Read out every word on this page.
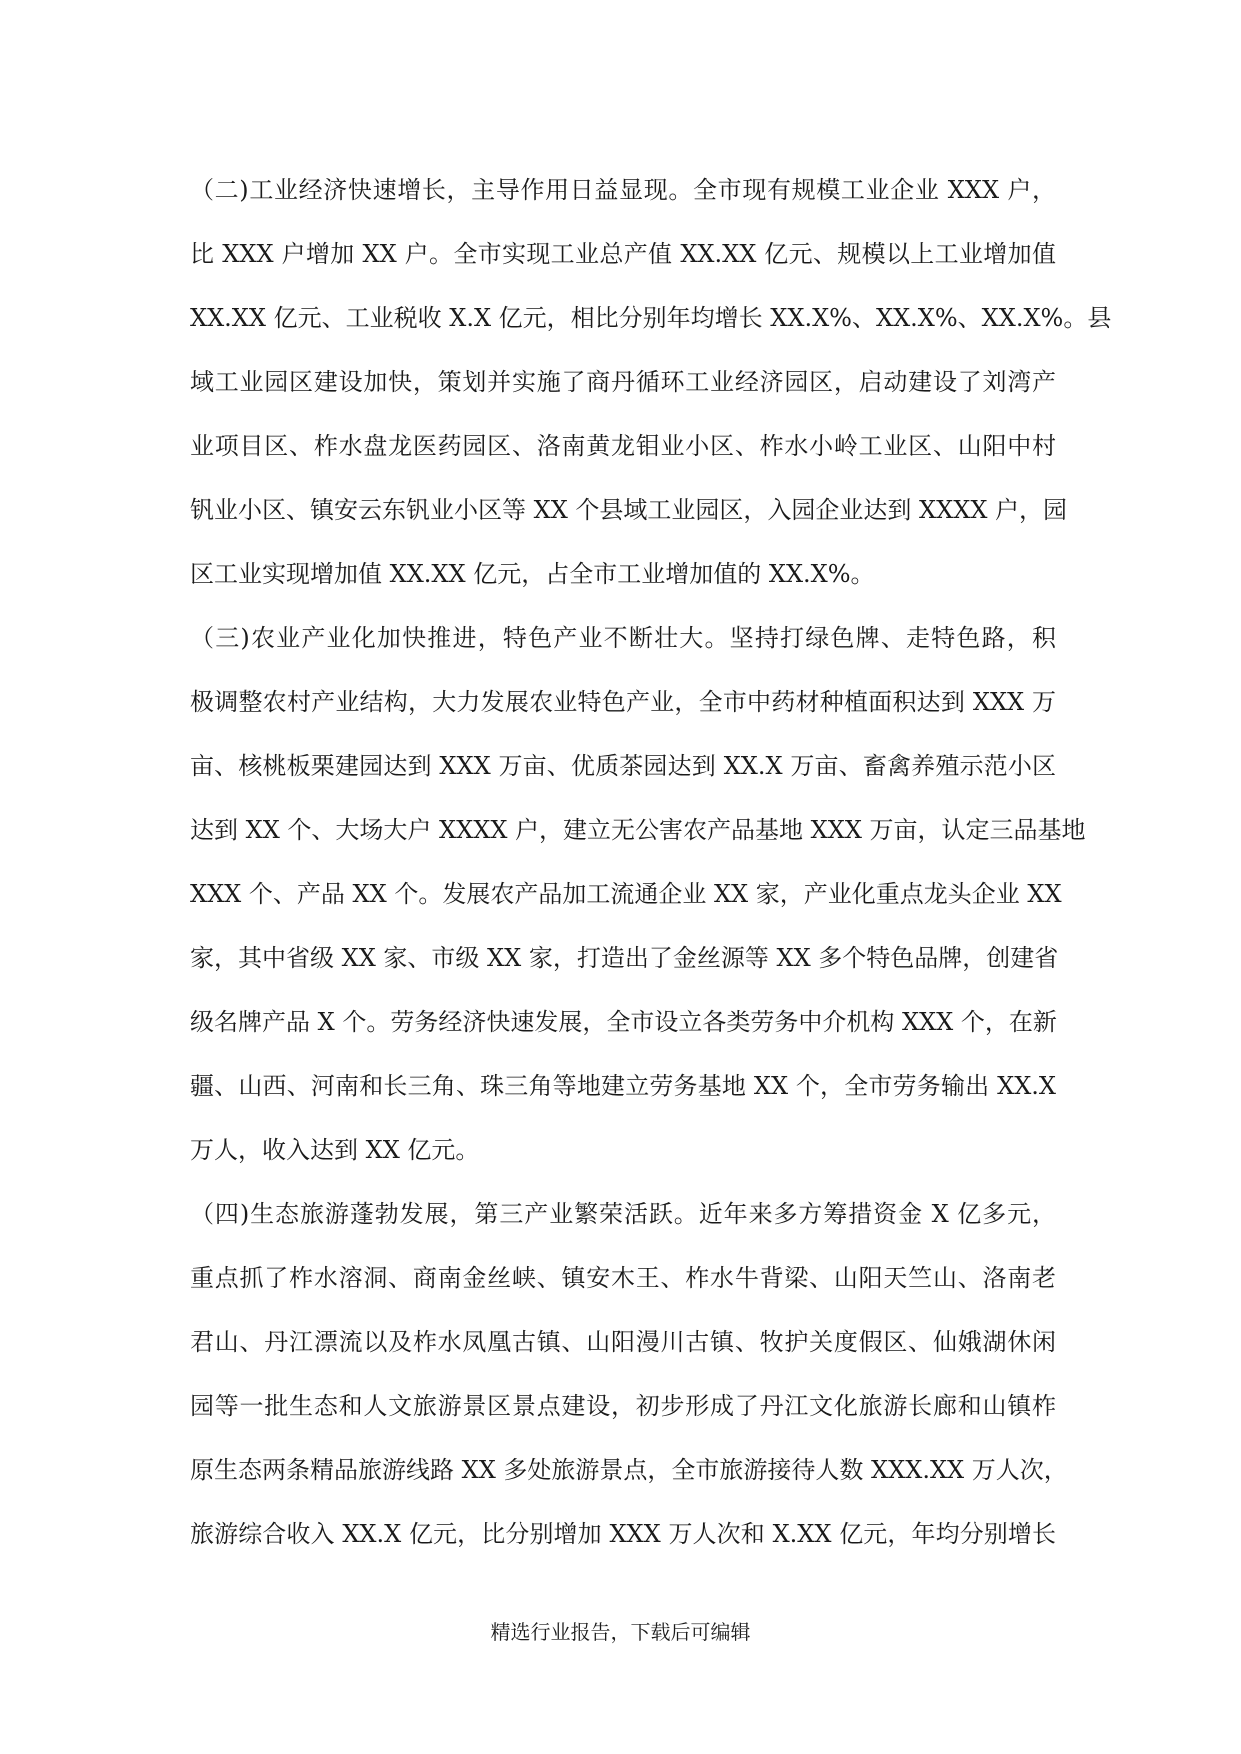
（二)工业经济快速增长，主导作用日益显现。全市现有规模工业企业 XXX 户，
比 XXX 户增加 XX 户。全市实现工业总产值 XX.XX 亿元、规模以上工业增加值
XX.XX 亿元、工业税收 X.X 亿元，相比分别年均增长 XX.X%、XX.X%、XX.X%。县
域工业园区建设加快，策划并实施了商丹循环工业经济园区，启动建设了刘湾产
业项目区、柞水盘龙医药园区、洛南黄龙钼业小区、柞水小岭工业区、山阳中村
钒业小区、镇安云东钒业小区等 XX 个县域工业园区，入园企业达到 XXXX 户，园
区工业实现增加值 XX.XX 亿元，占全市工业增加值的 XX.X%。
（三)农业产业化加快推进，特色产业不断壮大。坚持打绿色牌、走特色路，积
极调整农村产业结构，大力发展农业特色产业，全市中药材种植面积达到 XXX 万
亩、核桃板栗建园达到 XXX 万亩、优质茶园达到 XX.X 万亩、畜禽养殖示范小区
达到 XX 个、大场大户 XXXX 户，建立无公害农产品基地 XXX 万亩，认定三品基地
XXX 个、产品 XX 个。发展农产品加工流通企业 XX 家，产业化重点龙头企业 XX
家，其中省级 XX 家、市级 XX 家，打造出了金丝源等 XX 多个特色品牌，创建省
级名牌产品 X 个。劳务经济快速发展，全市设立各类劳务中介机构 XXX 个，在新
疆、山西、河南和长三角、珠三角等地建立劳务基地 XX 个，全市劳务输出 XX.X
万人，收入达到 XX 亿元。
（四)生态旅游蓬勃发展，第三产业繁荣活跃。近年来多方筹措资金 X 亿多元，
重点抓了柞水溶洞、商南金丝峡、镇安木王、柞水牛背梁、山阳天竺山、洛南老
君山、丹江漂流以及柞水凤凰古镇、山阳漫川古镇、牧护关度假区、仙娥湖休闲
园等一批生态和人文旅游景区景点建设，初步形成了丹江文化旅游长廊和山镇柞
原生态两条精品旅游线路 XX 多处旅游景点，全市旅游接待人数 XXX.XX 万人次，
旅游综合收入 XX.X 亿元，比分别增加 XXX 万人次和 X.XX 亿元，年均分别增长
精选行业报告，下载后可编辑
